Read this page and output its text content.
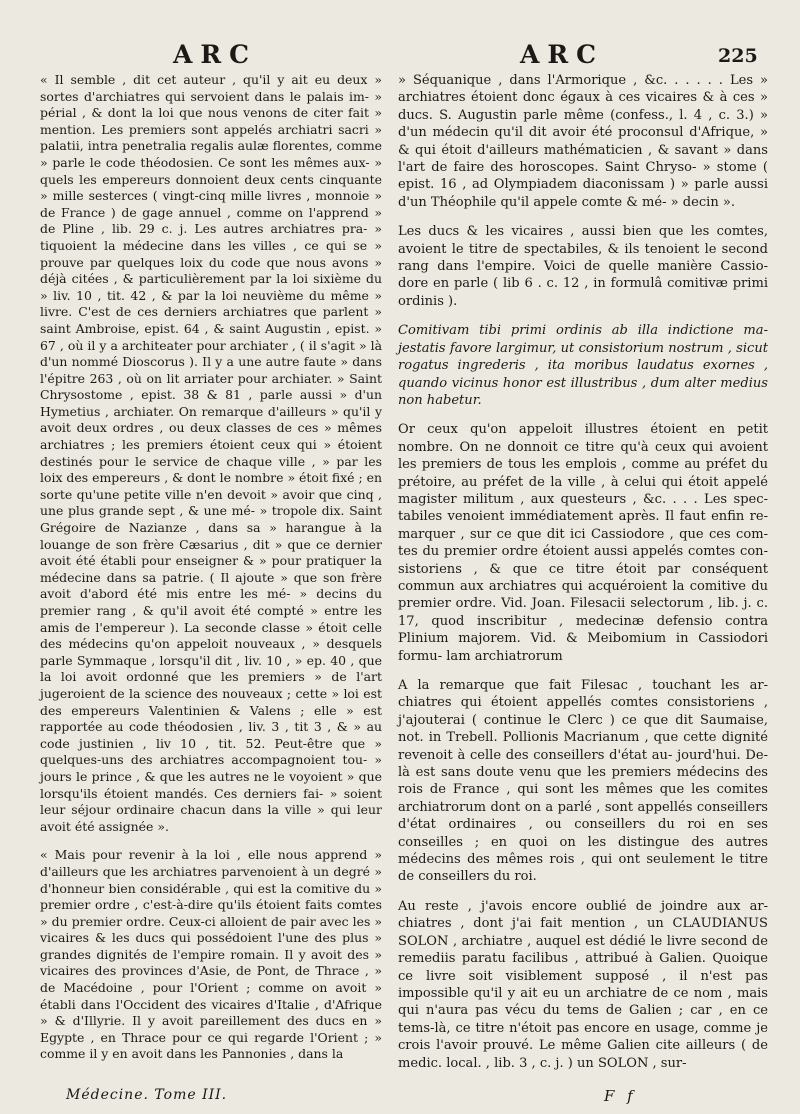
ARC	ARC	225

« Il semble , dit cet auteur , qu'il y ait eu deux » sortes d'archiatres qui servoient dans le palais im- » périal , & dont la loi que nous venons de citer fait » mention. Les premiers sont appelés archiatri sacri » palatii, intra penetralia regalis aulæ florentes, comme » parle le code théodosien. Ce sont les mêmes aux- » quels les empereurs donnoient deux cents cinquante » mille sesterces ( vingt-cinq mille livres , monnoie » de France ) de gage annuel , comme on l'apprend » de Pline , lib. 29 c. j. Les autres archiatres pra- » tiquoient la médecine dans les villes , ce qui se » prouve par quelques loix du code que nous avons » déjà citées , & particulièrement par la loi sixième du » liv. 10 , tit. 42 , & par la loi neuvième du même » livre. C'est de ces derniers archiatres que parlent » saint Ambroise, epist. 64 , & saint Augustin , epist. » 67 , où il y a architeater pour archiater , ( il s'agit » là d'un nommé Dioscorus ). Il y a une autre faute » dans l'épitre 263 , où on lit arriater pour archiater. » Saint Chrysostome , epist. 38 & 81 , parle aussi » d'un Hymetius , archiater. On remarque d'ailleurs » qu'il y avoit deux ordres , ou deux classes de ces » mêmes archiatres ; les premiers étoient ceux qui » étoient destinés pour le service de chaque ville , » par les loix des empereurs , & dont le nombre » étoit fixé ; en sorte qu'une petite ville n'en devoit » avoir que cinq , une plus grande sept , & une mé- » tropole dix. Saint Grégoire de Nazianze , dans sa » harangue à la louange de son frère Cæsarius , dit » que ce dernier avoit été établi pour enseigner & » pour pratiquer la médecine dans sa patrie. ( Il ajoute » que son frère avoit d'abord été mis entre les mé- » decins du premier rang , & qu'il avoit été compté » entre les amis de l'empereur ). La seconde classe » étoit celle des médecins qu'on appeloit nouveaux , » desquels parle Symmaque , lorsqu'il dit , liv. 10 , » ep. 40 , que la loi avoit ordonné que les premiers » de l'art jugeroient de la science des nouveaux ; cette » loi est des empereurs Valentinien & Valens ; elle » est rapportée au code théodosien , liv. 3 , tit 3 , & » au code justinien , liv 10 , tit. 52. Peut-être que » quelques-uns des archiatres accompagnoient tou- » jours le prince , & que les autres ne le voyoient » que lorsqu'ils étoient mandés. Ces derniers fai- » soient leur séjour ordinaire chacun dans la ville » qui leur avoit été assignée ».

« Mais pour revenir à la loi , elle nous apprend » d'ailleurs que les archiatres parvenoient à un degré » d'honneur bien considérable , qui est la comitive du » premier ordre , c'est-à-dire qu'ils étoient faits comtes » du premier ordre. Ceux-ci alloient de pair avec les » vicaires & les ducs qui possédoient l'une des plus » grandes dignités de l'empire romain. Il y avoit des » vicaires des provinces d'Asie, de Pont, de Thrace , » de Macédoine , pour l'Orient ; comme on avoit » établi dans l'Occident des vicaires d'Italie , d'Afrique » & d'Illyrie. Il y avoit pareillement des ducs en » Egypte , en Thrace pour ce qui regarde l'Orient ; » comme il y en avoit dans les Pannonies , dans la

» Séquanique , dans l'Armorique , &c. . . . . . Les » archiatres étoient donc égaux à ces vicaires & à ces » ducs. S. Augustin parle même (confess., l. 4 , c. 3.) » d'un médecin qu'il dit avoir été proconsul d'Afrique, » & qui étoit d'ailleurs mathématicien , & savant » dans l'art de faire des horoscopes. Saint Chryso- » stome ( epist. 16 , ad Olympiadem diaconissam ) » parle aussi d'un Théophile qu'il appele comte & mé- » decin ».

Les ducs & les vicaires , aussi bien que les comtes, avoient le titre de spectabiles, & ils tenoient le second rang dans l'empire. Voici de quelle manière Cassio- dore en parle ( lib 6 . c. 12 , in formulâ comitivæ primi ordinis ).

Comitivam tibi primi ordinis ab illa indictione ma- jestatis favore largimur, ut consistorium nostrum , sicut rogatus ingrederis , ita moribus laudatus exornes , quando vicinus honor est illustribus , dum alter medius non habetur.

Or ceux qu'on appeloit illustres étoient en petit nombre. On ne donnoit ce titre qu'à ceux qui avoient les premiers de tous les emplois , comme au préfet du prétoire, au préfet de la ville , à celui qui étoit appelé magister militum , aux questeurs , &c. . . . Les spec- tabiles venoient immédiatement après. Il faut enfin re- marquer , sur ce que dit ici Cassiodore , que ces com- tes du premier ordre étoient aussi appelés comtes con- sistoriens , & que ce titre étoit par conséquent commun aux archiatres qui acquéroient la comitive du premier ordre. Vid. Joan. Filesacii selectorum , lib. j. c. 17, quod inscribitur , medecinæ defensio contra Plinium majorem. Vid. & Meibomium in Cassiodori formu- lam archiatrorum

A la remarque que fait Filesac , touchant les ar- chiatres qui étoient appellés comtes consistoriens , j'ajouterai ( continue le Clerc ) ce que dit Saumaise, not. in Trebell. Pollionis Macrianum , que cette dignité revenoit à celle des conseillers d'état au- jourd'hui. De-là est sans doute venu que les premiers médecins des rois de France , qui sont les mêmes que les comites archiatrorum dont on a parlé , sont appellés conseillers d'état ordinaires , ou conseillers du roi en ses conseilles ; en quoi on les distingue des autres médecins des mêmes rois , qui ont seulement le titre de conseillers du roi.

Au reste , j'avois encore oublié de joindre aux ar- chiatres , dont j'ai fait mention , un CLAUDIANUS SOLON , archiatre , auquel est dédié le livre second de remediis paratu facilibus , attribué à Galien. Quoique ce livre soit visiblement supposé , il n'est pas impossible qu'il y ait eu un archiatre de ce nom , mais qui n'aura pas vécu du tems de Galien ; car , en ce tems-là, ce titre n'étoit pas encore en usage, comme je crois l'avoir prouvé. Le même Galien cite ailleurs ( de medic. local. , lib. 3 , c. j. ) un SOLON , sur-

Médecine. Tome III.	F f
